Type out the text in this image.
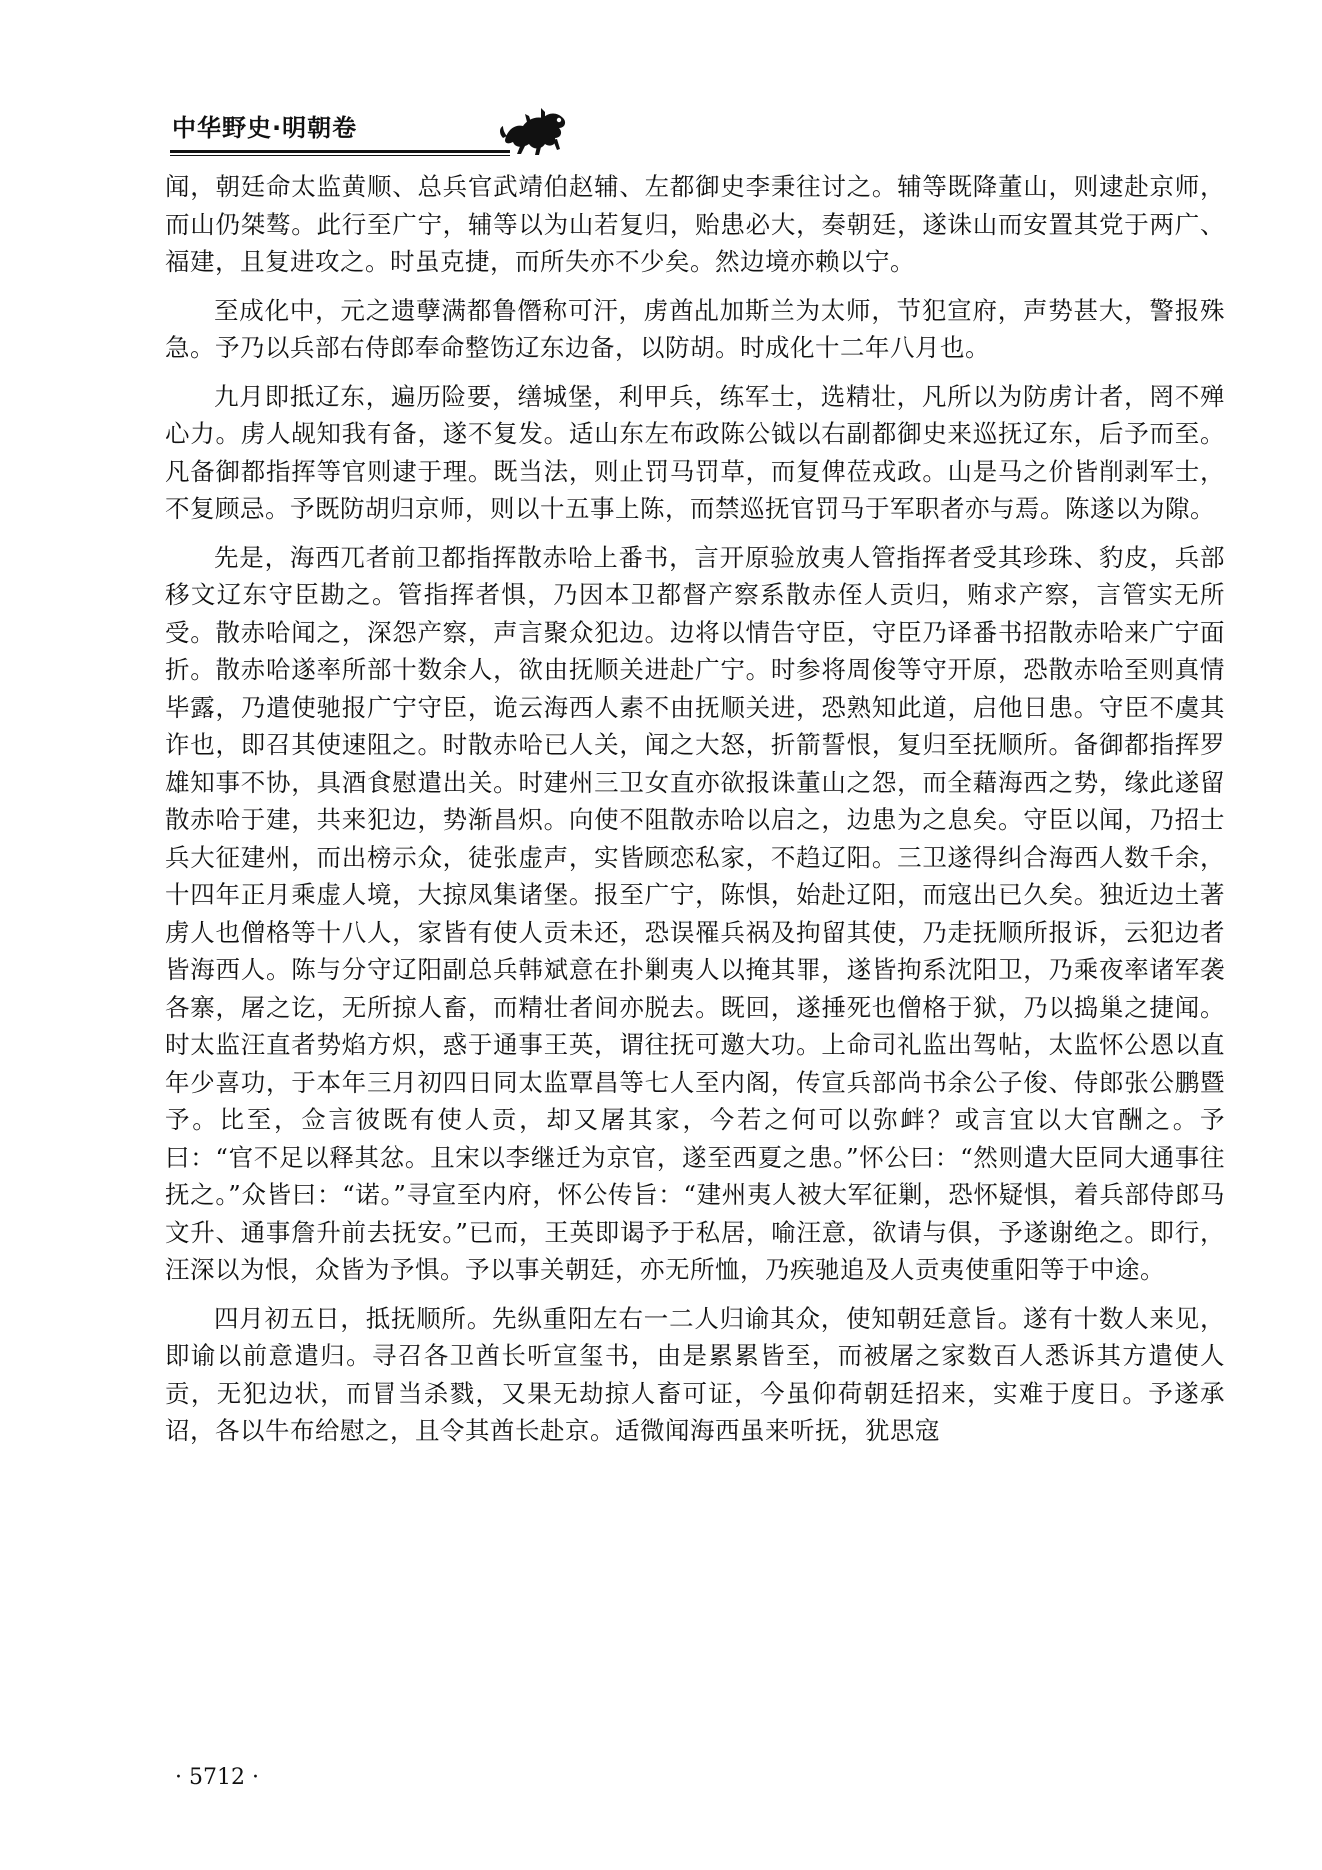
中华野史·明朝卷

闻，朝廷命太监黄顺、总兵官武靖伯赵辅、左都御史李秉往讨之。辅等既降董山，则逮赴京师，而山仍桀骜。此行至广宁，辅等以为山若复归，贻患必大，奏朝廷，遂诛山而安置其党于两广、福建，且复进攻之。时虽克捷，而所失亦不少矣。然边境亦赖以宁。

至成化中，元之遗孽满都鲁僭称可汗，虏酋乩加斯兰为太师，节犯宣府，声势甚大，警报殊急。予乃以兵部右侍郎奉命整饬辽东边备，以防胡。时成化十二年八月也。

九月即抵辽东，遍历险要，缮城堡，利甲兵，练军士，选精壮，凡所以为防虏计者，罔不殚心力。虏人觇知我有备，遂不复发。适山东左布政陈公钺以右副都御史来巡抚辽东，后予而至。凡备御都指挥等官则逮于理。既当法，则止罚马罚草，而复俾莅戎政。山是马之价皆削剥军士，不复顾忌。予既防胡归京师，则以十五事上陈，而禁巡抚官罚马于军职者亦与焉。陈遂以为隙。

先是，海西兀者前卫都指挥散赤哈上番书，言开原验放夷人管指挥者受其珍珠、豹皮，兵部移文辽东守臣勘之。管指挥者惧，乃因本卫都督产察系散赤侄人贡归，贿求产察，言管实无所受。散赤哈闻之，深怨产察，声言聚众犯边。边将以情告守臣，守臣乃译番书招散赤哈来广宁面折。散赤哈遂率所部十数余人，欲由抚顺关进赴广宁。时参将周俊等守开原，恐散赤哈至则真情毕露，乃遣使驰报广宁守臣，诡云海西人素不由抚顺关进，恐熟知此道，启他日患。守臣不虞其诈也，即召其使速阻之。时散赤哈已人关，闻之大怒，折箭誓恨，复归至抚顺所。备御都指挥罗雄知事不协，具酒食慰遣出关。时建州三卫女直亦欲报诛董山之怨，而全藉海西之势，缘此遂留散赤哈于建，共来犯边，势渐昌炽。向使不阻散赤哈以启之，边患为之息矣。守臣以闻，乃招士兵大征建州，而出榜示众，徒张虚声，实皆顾恋私家，不趋辽阳。三卫遂得纠合海西人数千余，十四年正月乘虚人境，大掠凤集诸堡。报至广宁，陈惧，始赴辽阳，而寇出已久矣。独近边土著虏人也僧格等十八人，家皆有使人贡未还，恐误罹兵祸及拘留其使，乃走抚顺所报诉，云犯边者皆海西人。陈与分守辽阳副总兵韩斌意在扑剿夷人以掩其罪，遂皆拘系沈阳卫，乃乘夜率诸军袭各寨，屠之讫，无所掠人畜，而精壮者间亦脱去。既回，遂捶死也僧格于狱，乃以捣巢之捷闻。时太监汪直者势焰方炽，惑于通事王英，谓往抚可邀大功。上命司礼监出驾帖，太监怀公恩以直年少喜功，于本年三月初四日同太监覃昌等七人至内阁，传宣兵部尚书余公子俊、侍郎张公鹏暨予。比至，佥言彼既有使人贡，却又屠其家，今若之何可以弥衅？或言宜以大官酬之。予曰：“官不足以释其忿。且宋以李继迁为京官，遂至西夏之患。”怀公曰：“然则遣大臣同大通事往抚之。”众皆曰：“诺。”寻宣至内府，怀公传旨：“建州夷人被大军征剿，恐怀疑惧，着兵部侍郎马文升、通事詹升前去抚安。”已而，王英即谒予于私居，喻汪意，欲请与俱，予遂谢绝之。即行，汪深以为恨，众皆为予惧。予以事关朝廷，亦无所恤，乃疾驰追及人贡夷使重阳等于中途。

四月初五日，抵抚顺所。先纵重阳左右一二人归谕其众，使知朝廷意旨。遂有十数人来见，即谕以前意遣归。寻召各卫酋长听宣玺书，由是累累皆至，而被屠之家数百人悉诉其方遣使人贡，无犯边状，而冒当杀戮，又果无劫掠人畜可证，今虽仰荷朝廷招来，实难于度日。予遂承诏，各以牛布给慰之，且令其酋长赴京。适微闻海西虽来听抚，犹思寇

· 5712 ·
